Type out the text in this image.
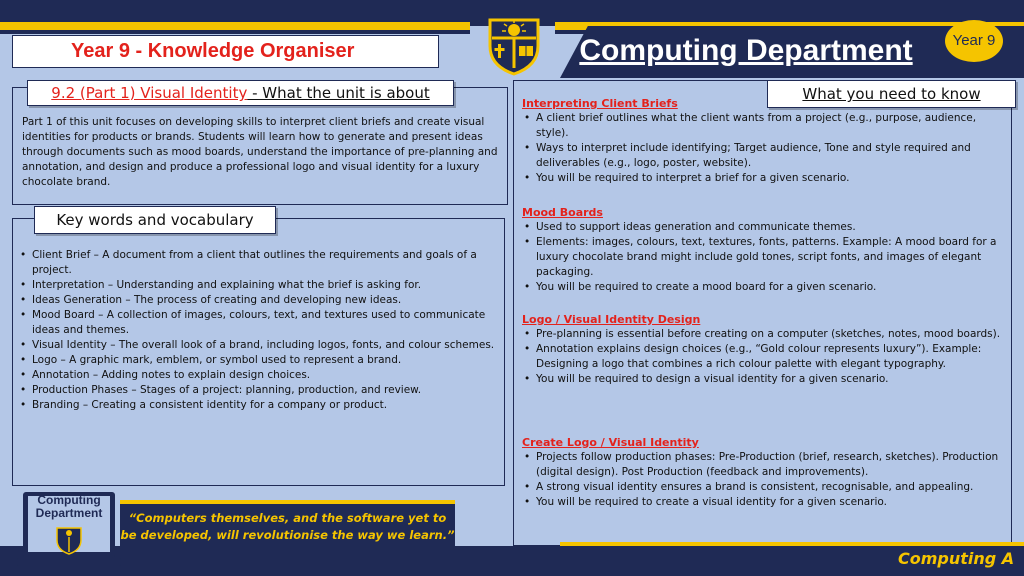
Year 9 - Knowledge Organiser	Computing Department	Year 9
9.2 (Part 1) Visual Identity - What the unit is about
Part 1 of this unit focuses on developing skills to interpret client briefs and create visual identities for products or brands. Students will learn how to generate and present ideas through documents such as mood boards, understand the importance of pre-planning and annotation, and design and produce a professional logo and visual identity for a luxury chocolate brand.
Key words and vocabulary
• Client Brief – A document from a client that outlines the requirements and goals of a project.
• Interpretation – Understanding and explaining what the brief is asking for.
• Ideas Generation – The process of creating and developing new ideas.
• Mood Board – A collection of images, colours, text, and textures used to communicate ideas and themes.
• Visual Identity – The overall look of a brand, including logos, fonts, and colour schemes.
• Logo – A graphic mark, emblem, or symbol used to represent a brand.
• Annotation – Adding notes to explain design choices.
• Production Phases – Stages of a project: planning, production, and review.
• Branding – Creating a consistent identity for a company or product.
What you need to know

Interpreting Client Briefs

• A client brief outlines what the client wants from a project (e.g., purpose, audience, style).
• Ways to interpret include identifying; Target audience, Tone and style required and deliverables (e.g., logo, poster, website).
• You will be required to interpret a brief for a given scenario.

Mood Boards

• Used to support ideas generation and communicate themes.
• Elements: images, colours, text, textures, fonts, patterns. Example: A mood board for a luxury chocolate brand might include gold tones, script fonts, and images of elegant packaging.
• You will be required to create a mood board for a given scenario.

Logo / Visual Identity Design

• Pre-planning is essential before creating on a computer (sketches, notes, mood boards).
• Annotation explains design choices (e.g., “Gold colour represents luxury”). Example: Designing a logo that combines a rich colour palette with elegant typography.
• You will be required to design a visual identity for a given scenario.

Create Logo / Visual Identity

• Projects follow production phases: Pre-Production (brief, research, sketches). Production (digital design). Post Production (feedback and improvements).
• A strong visual identity ensures a brand is consistent, recognisable, and appealing.
• You will be required to create a visual identity for a given scenario.
“Computers themselves, and the software yet to be developed, will revolutionise the way we learn.”
Computing A
Computing Department
